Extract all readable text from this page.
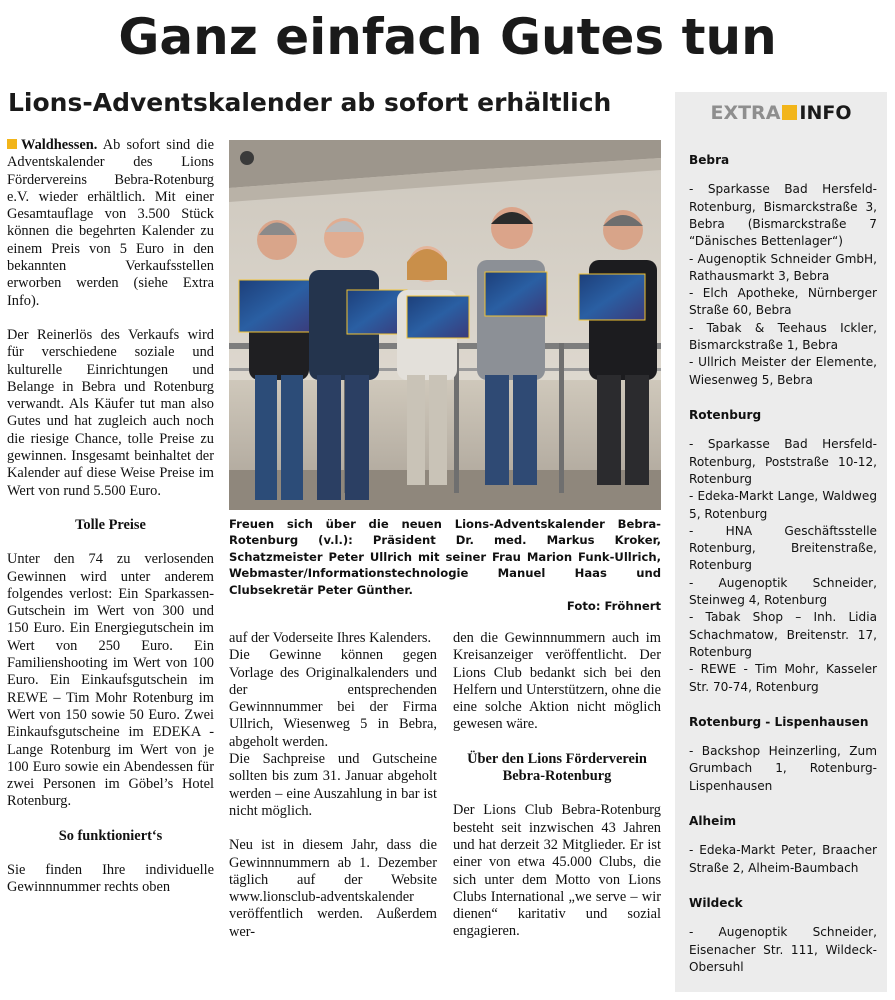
Ganz einfach Gutes tun
Lions-Adventskalender ab sofort erhältlich

Waldhessen. Ab sofort sind die Adventskalender des Lions Fördervereins Bebra-Rotenburg e.V. wieder erhältlich. Mit einer Gesamtauflage von 3.500 Stück können die begehrten Kalender zu einem Preis von 5 Euro in den bekannten Verkaufsstellen erworben werden (siehe Extra Info).

Der Reinerlös des Verkaufs wird für verschiedene soziale und kulturelle Einrichtungen und Belange in Bebra und Rotenburg verwandt. Als Käufer tut man also Gutes und hat zugleich auch noch die riesige Chance, tolle Preise zu gewinnen. Insgesamt beinhaltet der Kalender auf diese Weise Preise im Wert von rund 5.500 Euro.

Tolle Preise

Unter den 74 zu verlosenden Gewinnen wird unter anderem folgendes verlost: Ein Sparkassen-Gutschein im Wert von 300 und 150 Euro. Ein Energiegutschein im Wert von 250 Euro. Ein Familienshooting im Wert von 100 Euro. Ein Einkaufsgutschein im REWE – Tim Mohr Rotenburg im Wert von 150 sowie 50 Euro. Zwei Einkaufsgutscheine im EDEKA - Lange Rotenburg im Wert von je 100 Euro sowie ein Abendessen für zwei Personen im Göbel’s Hotel Rotenburg.

So funktioniert‘s

Sie finden Ihre individuelle Gewinnnummer rechts oben

Freuen sich über die neuen Lions-Adventskalender Bebra-Rotenburg (v.l.): Präsident Dr. med. Markus Kroker, Schatzmeister Peter Ullrich mit seiner Frau Marion Funk-Ullrich, Webmaster/Informationstechnologie Manuel Haas und Clubsekretär Peter Günther.

Foto: Fröhnert

auf der Voderseite Ihres Kalenders.

Die Gewinne können gegen Vorlage des Originalkalenders und der entsprechenden Gewinnnummer bei der Firma Ullrich, Wiesenweg 5 in Bebra, abgeholt werden.

Die Sachpreise und Gutscheine sollten bis zum 31. Januar abgeholt werden – eine Auszahlung in bar ist nicht möglich.

Neu ist in diesem Jahr, dass die Gewinnnummern ab 1. Dezember täglich auf der Website www.lionsclub-adventskalender veröffentlich werden. Außerdem wer-

den die Gewinnnummern auch im Kreisanzeiger veröffentlicht. Der Lions Club bedankt sich bei den Helfern und Unterstützern, ohne die eine solche Aktion nicht möglich gewesen wäre.

Über den Lions Förderverein Bebra-Rotenburg

Der Lions Club Bebra-Rotenburg besteht seit inzwischen 43 Jahren und hat derzeit 32 Mitglieder. Er ist einer von etwa 45.000 Clubs, die sich unter dem Motto von Lions Clubs International „we serve – wir dienen“ karitativ und sozial engagieren.

EXTRA INFO

Bebra

- Sparkasse Bad Hersfeld-Rotenburg, Bismarckstraße 3, Bebra (Bismarckstraße 7 “Dänisches Bettenlager“)

- Augenoptik Schneider GmbH, Rathausmarkt 3, Bebra

- Elch Apotheke, Nürnberger Straße 60, Bebra

- Tabak & Teehaus Ickler, Bismarckstraße 1, Bebra

- Ullrich Meister der Elemente, Wiesenweg 5, Bebra

Rotenburg

- Sparkasse Bad Hersfeld-Rotenburg, Poststraße 10-12, Rotenburg

- Edeka-Markt Lange, Waldweg 5, Rotenburg

- HNA Geschäftsstelle Rotenburg, Breitenstraße, Rotenburg

- Augenoptik Schneider, Steinweg 4, Rotenburg

- Tabak Shop – Inh. Lidia Schachmatow, Breitenstr. 17, Rotenburg

- REWE - Tim Mohr, Kasseler Str. 70-74, Rotenburg

Rotenburg - Lispenhausen

- Backshop Heinzerling, Zum Grumbach 1, Rotenburg-Lispenhausen

Alheim

- Edeka-Markt Peter, Braacher Straße 2, Alheim-Baumbach

Wildeck

- Augenoptik Schneider, Eisenacher Str. 111, Wildeck-Obersuhl
